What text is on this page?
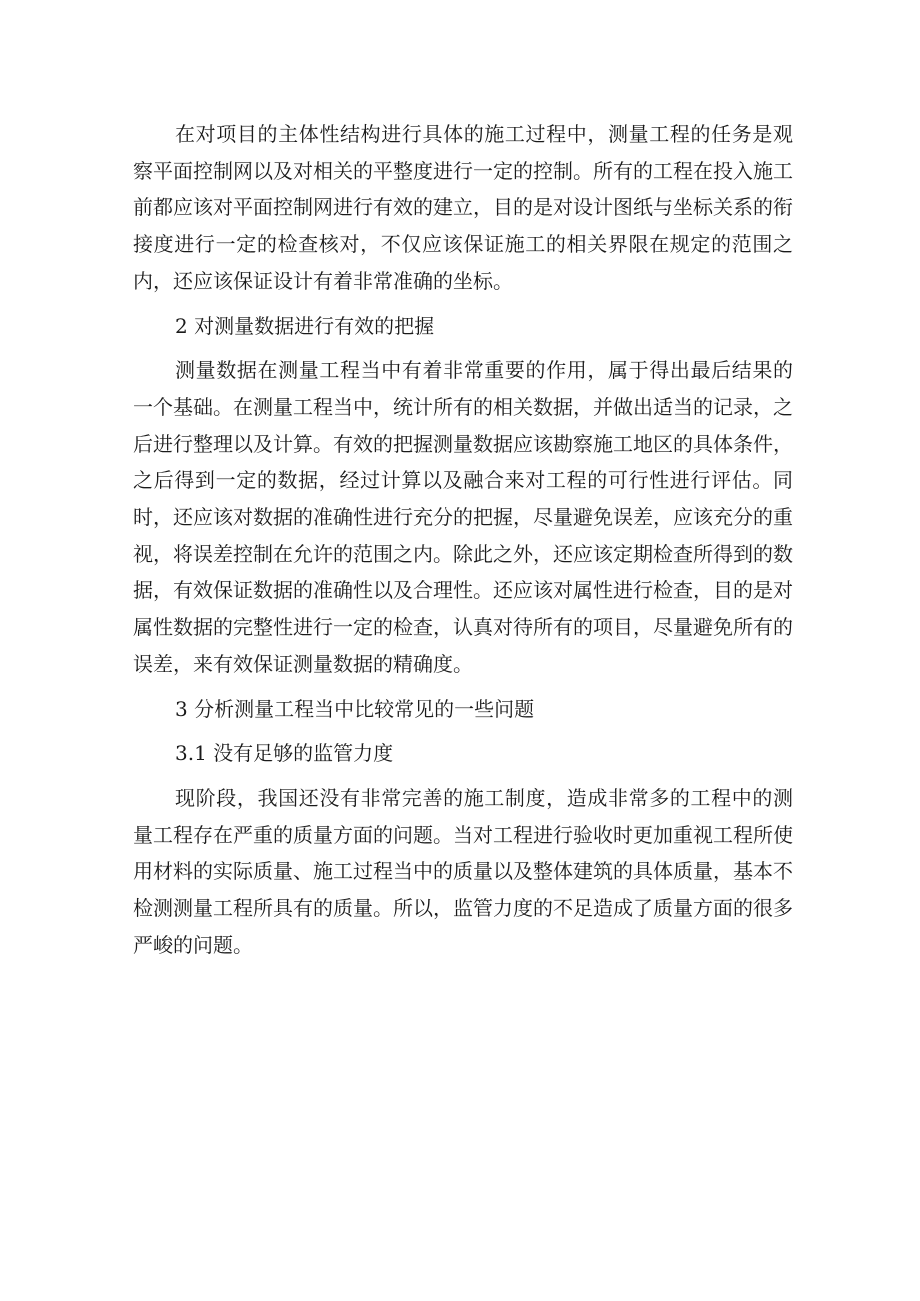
在对项目的主体性结构进行具体的施工过程中，测量工程的任务是观察平面控制网以及对相关的平整度进行一定的控制。所有的工程在投入施工前都应该对平面控制网进行有效的建立，目的是对设计图纸与坐标关系的衔接度进行一定的检查核对，不仅应该保证施工的相关界限在规定的范围之内，还应该保证设计有着非常准确的坐标。

2 对测量数据进行有效的把握

测量数据在测量工程当中有着非常重要的作用，属于得出最后结果的一个基础。在测量工程当中，统计所有的相关数据，并做出适当的记录，之后进行整理以及计算。有效的把握测量数据应该勘察施工地区的具体条件，之后得到一定的数据，经过计算以及融合来对工程的可行性进行评估。同时，还应该对数据的准确性进行充分的把握，尽量避免误差，应该充分的重视，将误差控制在允许的范围之内。除此之外，还应该定期检查所得到的数据，有效保证数据的准确性以及合理性。还应该对属性进行检查，目的是对属性数据的完整性进行一定的检查，认真对待所有的项目，尽量避免所有的误差，来有效保证测量数据的精确度。

3 分析测量工程当中比较常见的一些问题

3.1 没有足够的监管力度

现阶段，我国还没有非常完善的施工制度，造成非常多的工程中的测量工程存在严重的质量方面的问题。当对工程进行验收时更加重视工程所使用材料的实际质量、施工过程当中的质量以及整体建筑的具体质量，基本不检测测量工程所具有的质量。所以，监管力度的不足造成了质量方面的很多严峻的问题。
